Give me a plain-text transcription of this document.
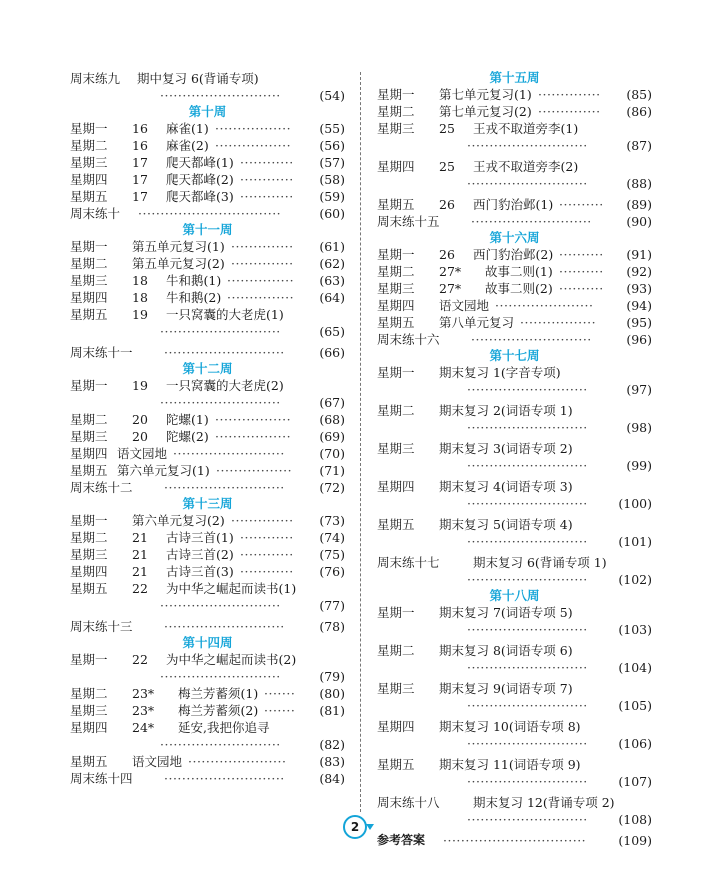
周末练九 期中复习 6(背诵专项)
···························	(54)
第十周
星期一 16 麻雀(1)	(55)
·················
星期二 16 麻雀(2)	(56)
·················
星期三 17 爬天都峰(1)	(57)
············
星期四 17 爬天都峰(2)	(58)
············
星期五 17 爬天都峰(3)	(59)
············
周末练十	(60)
································
第十一周
星期一 第五单元复习(1)	(61)
··············
星期二 第五单元复习(2)	(62)
··············
星期三 18 牛和鹅(1)	(63)
···············
星期四 18 牛和鹅(2)	(64)
···············
星期五 19 一只窝囊的大老虎(1)
···························	(65)
周末练十一	(66)
···························
第十二周
星期一 19 一只窝囊的大老虎(2)
···························	(67)
星期二 20 陀螺(1)	(68)
·················
星期三 20 陀螺(2)	(69)
·················
星期四 语文园地	(70)
·························
星期五 第六单元复习(1)	(71)
·················
周末练十二	(72)
···························
第十三周
星期一 第六单元复习(2)	(73)
··············
星期二 21 古诗三首(1)	(74)
············
星期三 21 古诗三首(2)	(75)
············
星期四 21 古诗三首(3)	(76)
············
星期五 22 为中华之崛起而读书(1)
···························	(77)
周末练十三	(78)
···························
第十四周
星期一 22 为中华之崛起而读书(2)
···························	(79)
星期二 23* 梅兰芳蓄须(1)	(80)
·······
星期三 23* 梅兰芳蓄须(2)	(81)
·······
星期四 24* 延安,我把你追寻
···························	(82)
星期五 语文园地	(83)
······················
周末练十四	(84)
···························
第十五周
星期一 第七单元复习(1)	(85)
··············
星期二 第七单元复习(2)	(86)
··············
星期三 25 王戎不取道旁李(1)
···························	(87)
星期四 25 王戎不取道旁李(2)
···························	(88)
星期五 26 西门豹治邺(1)	(89)
··········
周末练十五	(90)
···························
第十六周
星期一 26 西门豹治邺(2)	(91)
··········
星期二 27* 故事二则(1)	(92)
··········
星期三 27* 故事二则(2)	(93)
··········
星期四 语文园地	(94)
······················
星期五 第八单元复习	(95)
·················
周末练十六	(96)
···························
第十七周
星期一 期末复习 1(字音专项)
···························	(97)
星期二 期末复习 2(词语专项 1)
···························	(98)
星期三 期末复习 3(词语专项 2)
···························	(99)
星期四 期末复习 4(词语专项 3)
···························	(100)
星期五 期末复习 5(词语专项 4)
···························	(101)
周末练十七	期末复习 6(背诵专项 1)
···························	(102)
第十八周
星期一 期末复习 7(词语专项 5)
···························	(103)
星期二 期末复习 8(词语专项 6)
···························	(104)
星期三 期末复习 9(词语专项 7)
···························	(105)
星期四 期末复习 10(词语专项 8)
···························	(106)
星期五 期末复习 11(词语专项 9)
···························	(107)
周末练十八	期末复习 12(背诵专项 2)
···························	(108)
参考答案 ································	(109)
2
